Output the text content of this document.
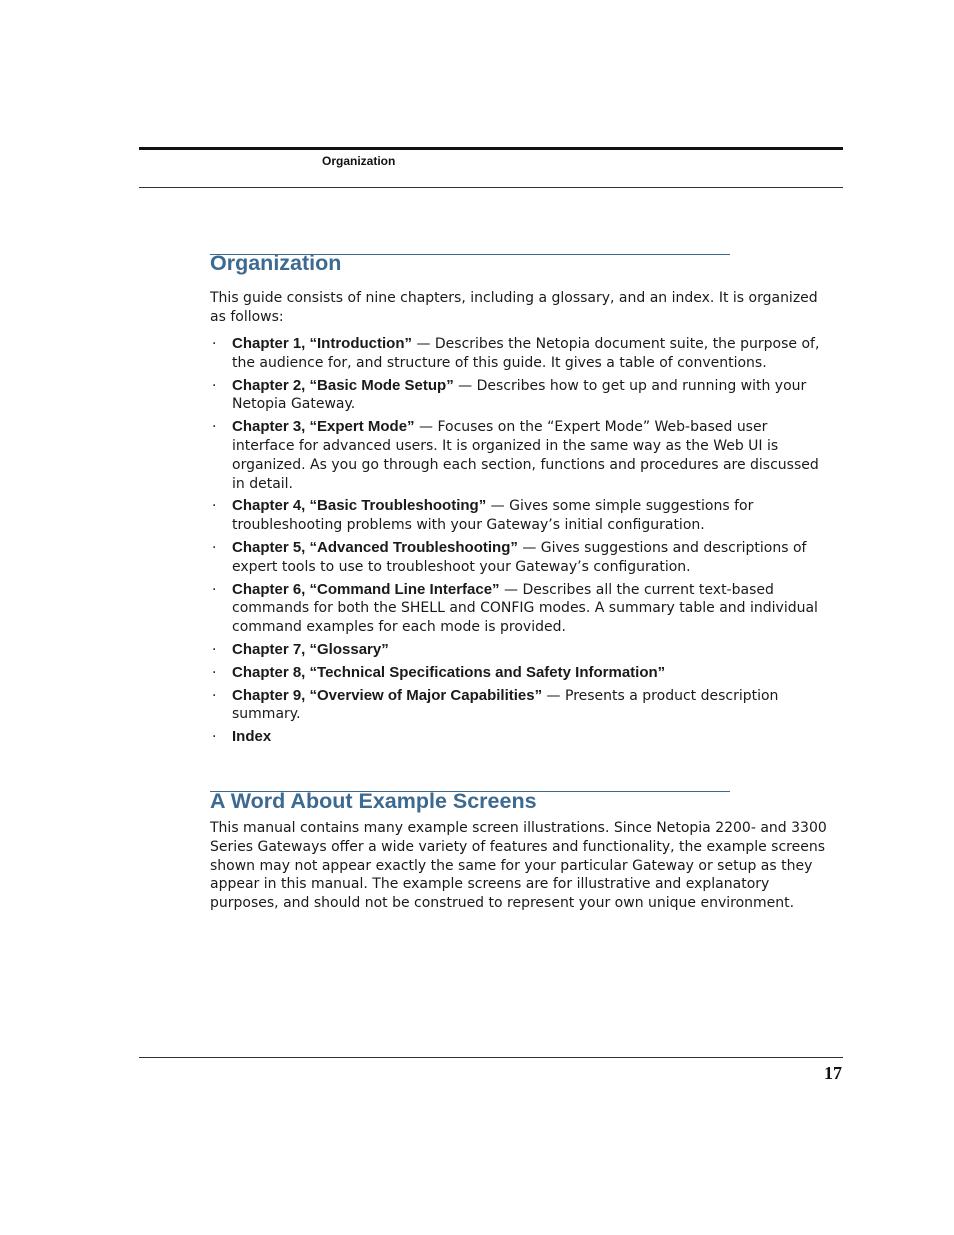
Organization
Organization

This guide consists of nine chapters, including a glossary, and an index. It is organized as follows:

· Chapter 1, “Introduction” — Describes the Netopia document suite, the purpose of, the audience for, and structure of this guide. It gives a table of conventions.
· Chapter 2, “Basic Mode Setup” — Describes how to get up and running with your Netopia Gateway.
· Chapter 3, “Expert Mode” — Focuses on the “Expert Mode” Web-based user interface for advanced users. It is organized in the same way as the Web UI is organized. As you go through each section, functions and procedures are discussed in detail.
· Chapter 4, “Basic Troubleshooting” — Gives some simple suggestions for troubleshooting problems with your Gateway’s initial configuration.
· Chapter 5, “Advanced Troubleshooting” — Gives suggestions and descriptions of expert tools to use to troubleshoot your Gateway’s configuration.
· Chapter 6, “Command Line Interface” — Describes all the current text-based commands for both the SHELL and CONFIG modes. A summary table and individual command examples for each mode is provided.
· Chapter 7, “Glossary”
· Chapter 8, “Technical Specifications and Safety Information”
· Chapter 9, “Overview of Major Capabilities” — Presents a product description summary.
· Index
A Word About Example Screens

This manual contains many example screen illustrations. Since Netopia 2200- and 3300 Series Gateways offer a wide variety of features and functionality, the example screens shown may not appear exactly the same for your particular Gateway or setup as they appear in this manual. The example screens are for illustrative and explanatory purposes, and should not be construed to represent your own unique environment.

17
